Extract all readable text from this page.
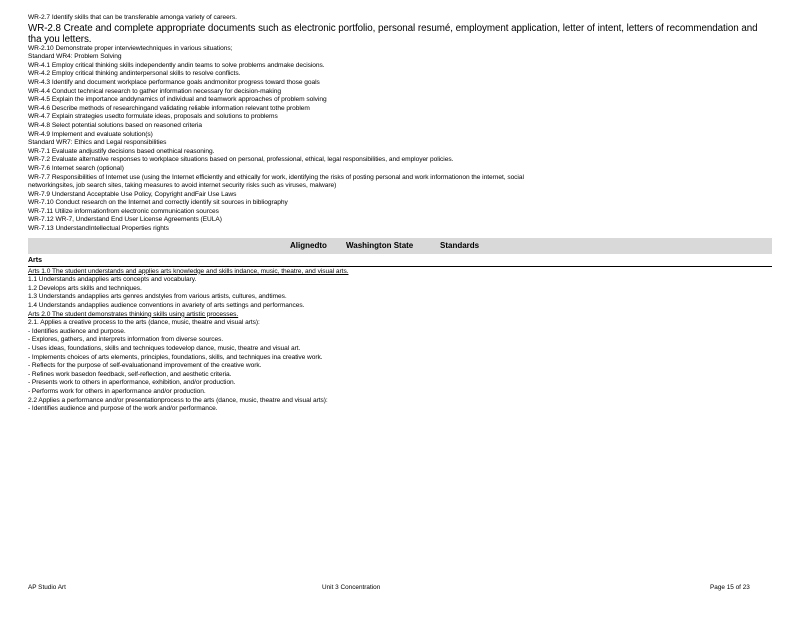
WR-2.7 Identify skills that can be transferable amonga variety of careers.
WR-2.8 Create and complete appropriate documents such as electronic portfolio, personal resumé, employment application, letter of intent, letters of recommendation and tha you letters.
WR-2.10 Demonstrate proper interviewtechniques in various situations;
Standard WR4: Problem Solving
WR-4.1 Employ critical thinking skills independently andin teams to solve problems andmake decisions.
WR-4.2 Employ critical thinking andinterpersonal skills to resolve conflicts.
WR-4.3 Identify and document workplace performance goals andmonitor progress toward those goals
WR-4.4 Conduct technical research to gather information necessary for decision-making
WR-4.5 Explain the importance anddynamics of individual and teamwork approaches of problem solving
WR-4.6 Describe methods of researchingand validating reliable information relevant tothe problem
WR-4.7 Explain strategies usedto formulate ideas, proposals and solutions to problems
WR-4.8 Select potential solutions based on reasoned criteria
WR-4.9 Implement and evaluate solution(s)
Standard WR7: Ethics and Legal responsibilities
WR-7.1 Evaluate andjustify decisions based onethical reasoning.
WR-7.2 Evaluate alternative responses to workplace situations based on personal, professional, ethical, legal responsibilities, and employer policies.
WR-7.6 Internet search (optional)
WR-7.7 Responsibilities of Internet use (using the Internet efficiently and ethically for work, identifying the risks of posting personal and work informationon the internet, social
networkingsites, job search sites, taking measures to avoid internet security risks such as viruses, malware)
WR-7.9 Understand Acceptable Use Policy, Copyright andFair Use Laws
WR-7.10 Conduct research on the Internet and correctly identify sit sources in bibliography
WR-7.11 Utilize informationfrom electronic communication sources
WR-7.12 WR-7, Understand End User License Agreements (EULA)
WR-7.13 UnderstandIntellectual Properties rights
Alignedto Washington State	Standards
Arts
Arts 1.0 The student understands and applies arts knowledge and skills indance, music, theatre, and visual arts.
1.1 Understands andapplies arts concepts and vocabulary.
1.2 Develops arts skills and techniques.
1.3 Understands andapplies arts genres andstyles from various artists, cultures, andtimes.
1.4 Understands andapplies audience conventions in avariety of arts settings and performances.
Arts 2.0 The student demonstrates thinking skills using artistic processes.
2.1. Applies a creative process to the arts (dance, music, theatre and visual arts):
- Identifies audience and purpose.
- Explores, gathers, and interprets information from diverse sources.
- Uses ideas, foundations, skills and techniques todevelop dance, music, theatre and visual art.
- Implements choices of arts elements, principles, foundations, skills, and techniques ina creative work.
- Reflects for the purpose of self-evaluationand improvement of the creative work.
- Refines work basedon feedback, self-reflection, and aesthetic criteria.
- Presents work to others in aperformance, exhibition, and/or production.
- Performs work for others in aperformance and/or production.
2.2 Applies a performance and/or presentationprocess to the arts (dance, music, theatre and visual arts):
- Identifies audience and purpose of the work and/or performance.
AP Studio Art	Unit 3 Concentration	Page 15 of 23
